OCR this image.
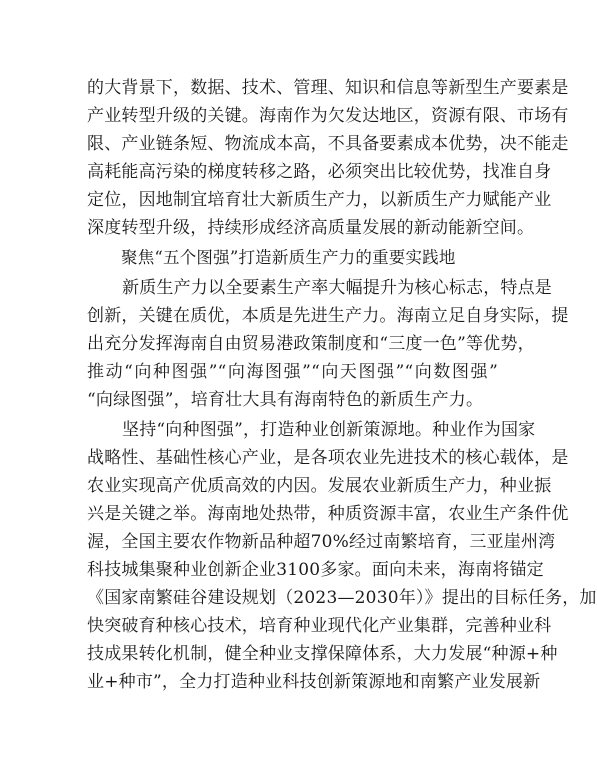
的大背景下，数据、技术、管理、知识和信息等新型生产要素是
产业转型升级的关键。海南作为欠发达地区，资源有限、市场有
限、产业链条短、物流成本高，不具备要素成本优势，决不能走
高耗能高污染的梯度转移之路，必须突出比较优势，找准自身
定位，因地制宜培育壮大新质生产力，以新质生产力赋能产业
深度转型升级，持续形成经济高质量发展的新动能新空间。
聚焦“五个图强”打造新质生产力的重要实践地
新质生产力以全要素生产率大幅提升为核心标志，特点是
创新，关键在质优，本质是先进生产力。海南立足自身实际，提
出充分发挥海南自由贸易港政策制度和“三度一色”等优势，
推动“向种图强”“向海图强”“向天图强”“向数图强”
“向绿图强”，培育壮大具有海南特色的新质生产力。
坚持“向种图强”，打造种业创新策源地。种业作为国家
战略性、基础性核心产业，是各项农业先进技术的核心载体，是
农业实现高产优质高效的内因。发展农业新质生产力，种业振
兴是关键之举。海南地处热带，种质资源丰富，农业生产条件优
渥，全国主要农作物新品种超70%经过南繁培育，三亚崖州湾
科技城集聚种业创新企业3100多家。面向未来，海南将锚定
《国家南繁硅谷建设规划（2023—2030年）》提出的目标任务，加
快突破育种核心技术，培育种业现代化产业集群，完善种业科
技成果转化机制，健全种业支撑保障体系，大力发展“种源+种
业+种市”，全力打造种业科技创新策源地和南繁产业发展新
